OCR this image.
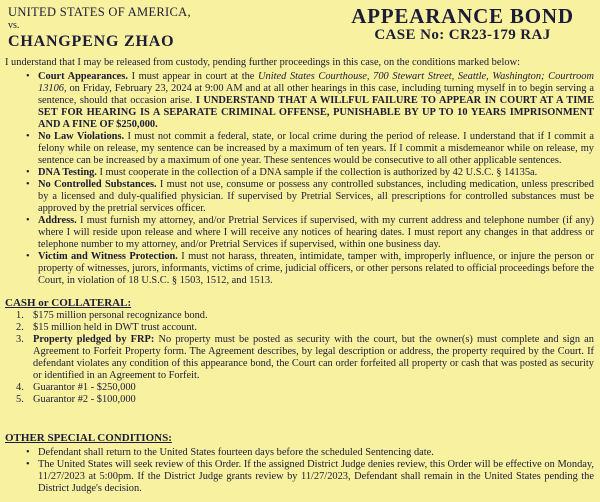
UNITED STATES OF AMERICA,
vs.
CHANGPENG ZHAO
APPEARANCE BOND
CASE No: CR23-179 RAJ
I understand that I may be released from custody, pending further proceedings in this case, on the conditions marked below:
• Court Appearances. I must appear in court at the United States Courthouse, 700 Stewart Street, Seattle, Washington; Courtroom 13106, on Friday, February 23, 2024 at 9:00 AM and at all other hearings in this case, including turning myself in to begin serving a sentence, should that occasion arise. I UNDERSTAND THAT A WILLFUL FAILURE TO APPEAR IN COURT AT A TIME SET FOR HEARING IS A SEPARATE CRIMINAL OFFENSE, PUNISHABLE BY UP TO 10 YEARS IMPRISONMENT AND A FINE OF $250,000.
• No Law Violations. I must not commit a federal, state, or local crime during the period of release. I understand that if I commit a felony while on release, my sentence can be increased by a maximum of ten years. If I commit a misdemeanor while on release, my sentence can be increased by a maximum of one year. These sentences would be consecutive to all other applicable sentences.
• DNA Testing. I must cooperate in the collection of a DNA sample if the collection is authorized by 42 U.S.C. § 14135a.
• No Controlled Substances. I must not use, consume or possess any controlled substances, including medication, unless prescribed by a licensed and duly-qualified physician. If supervised by Pretrial Services, all prescriptions for controlled substances must be approved by the pretrial services officer.
• Address. I must furnish my attorney, and/or Pretrial Services if supervised, with my current address and telephone number (if any) where I will reside upon release and where I will receive any notices of hearing dates. I must report any changes in that address or telephone number to my attorney, and/or Pretrial Services if supervised, within one business day.
• Victim and Witness Protection. I must not harass, threaten, intimidate, tamper with, improperly influence, or injure the person or property of witnesses, jurors, informants, victims of crime, judicial officers, or other persons related to official proceedings before the Court, in violation of 18 U.S.C. § 1503, 1512, and 1513.
CASH or COLLATERAL:
1. $175 million personal recognizance bond.
2. $15 million held in DWT trust account.
3. Property pledged by FRP: No property must be posted as security with the court, but the owner(s) must complete and sign an Agreement to Forfeit Property form. The Agreement describes, by legal description or address, the property required by the Court. If defendant violates any condition of this appearance bond, the Court can order forfeited all property or cash that was posted as security or identified in an Agreement to Forfeit.
4. Guarantor #1 - $250,000
5. Guarantor #2 - $100,000
OTHER SPECIAL CONDITIONS:
• Defendant shall return to the United States fourteen days before the scheduled Sentencing date.
• The United States will seek review of this Order. If the assigned District Judge denies review, this Order will be effective on Monday, 11/27/2023 at 5:00pm. If the District Judge grants review by 11/27/2023, Defendant shall remain in the United States pending the District Judge's decision.
